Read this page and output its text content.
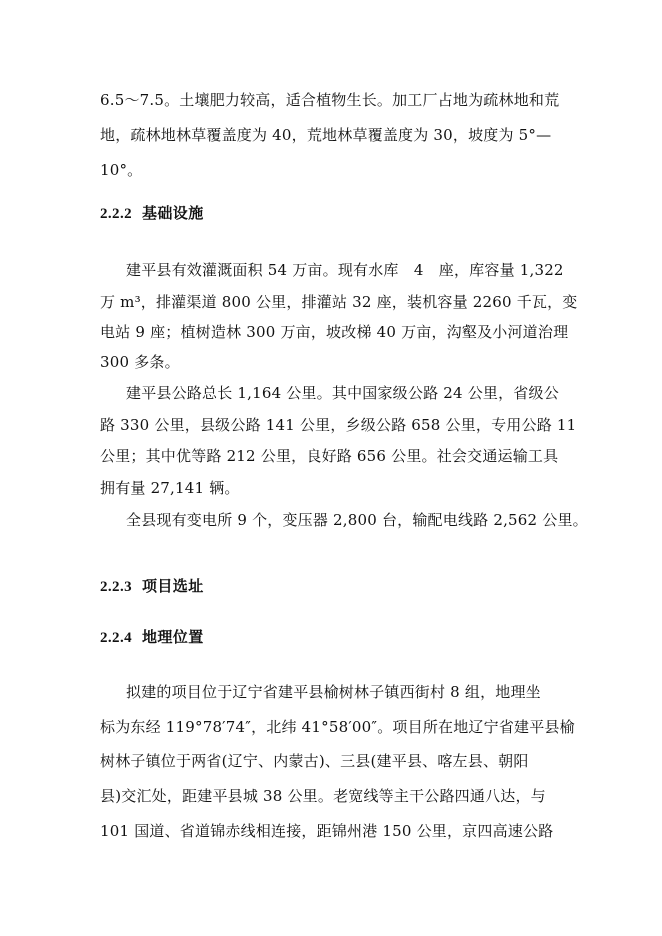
6.5～7.5。土壤肥力较高，适合植物生长。加工厂占地为疏林地和荒
地，疏林地林草覆盖度为 40，荒地林草覆盖度为 30，坡度为 5°—
10°。
2.2.2 基础设施
建平县有效灌溉面积 54 万亩。现有水库　4　座，库容量 1,322
万 m³，排灌渠道 800 公里，排灌站 32 座，装机容量 2260 千瓦，变
电站 9 座；植树造林 300 万亩，坡改梯 40 万亩，沟壑及小河道治理
300 多条。
建平县公路总长 1,164 公里。其中国家级公路 24 公里，省级公
路 330 公里，县级公路 141 公里，乡级公路 658 公里，专用公路 11
公里；其中优等路 212 公里，良好路 656 公里。社会交通运输工具
拥有量 27,141 辆。
全县现有变电所 9 个，变压器 2,800 台，输配电线路 2,562 公里。
2.2.3 项目选址
2.2.4 地理位置
拟建的项目位于辽宁省建平县榆树林子镇西街村 8 组，地理坐
标为东经 119°78′74″，北纬 41°58′00″。项目所在地辽宁省建平县榆
树林子镇位于两省(辽宁、内蒙古)、三县(建平县、喀左县、朝阳
县)交汇处，距建平县城 38 公里。老宽线等主干公路四通八达，与
101 国道、省道锦赤线相连接，距锦州港 150 公里，京四高速公路
